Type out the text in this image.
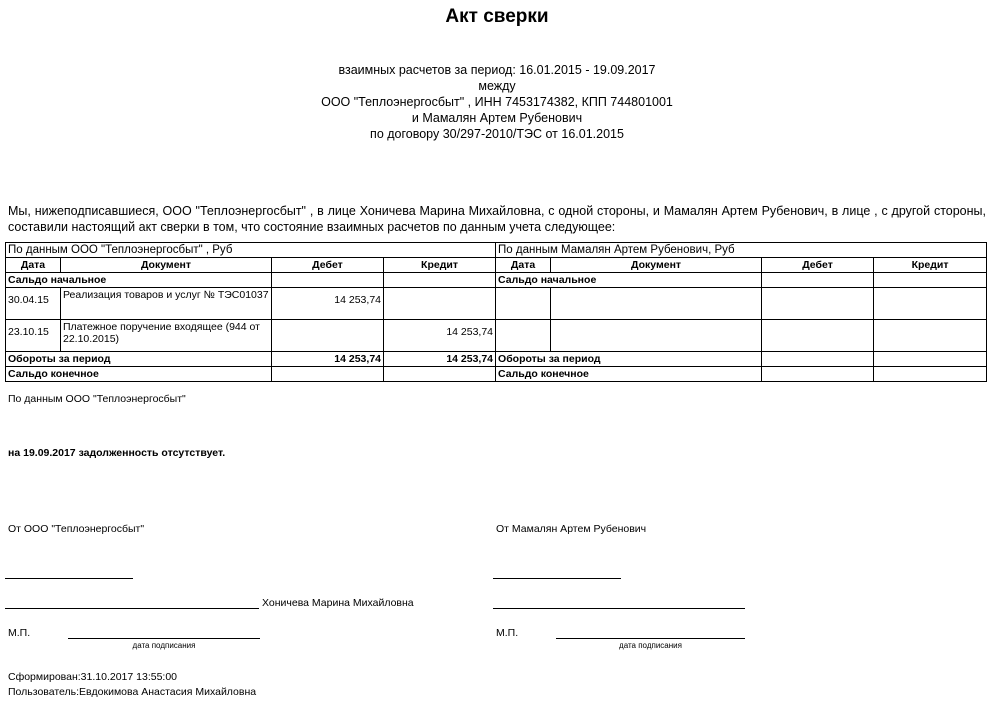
Акт сверки
взаимных расчетов за период: 16.01.2015 - 19.09.2017
между
ООО "Теплоэнергосбыт" , ИНН 7453174382, КПП 744801001
и Мамалян Артем Рубенович
по договору 30/297-2010/ТЭС от 16.01.2015
Мы, нижеподписавшиеся, ООО "Теплоэнергосбыт" , в лице Хоничева Марина Михайловна, с одной стороны, и Мамалян Артем Рубенович, в лице , с другой стороны, составили настоящий акт сверки в том, что состояние взаимных расчетов по данным учета следующее:
По данным ООО "Теплоэнергосбыт" , Руб				По данным Мамалян Артем Рубенович, Руб			
Дата	Документ	Дебет	Кредит	Дата	Документ	Дебет	Кредит
Сальдо начальное				Сальдо начальное			
30.04.15	Реализация товаров и услуг № ТЭС01037	14 253,74					
23.10.15	Платежное поручение входящее (944 от 22.10.2015)		14 253,74				
Обороты за период		14 253,74	14 253,74	Обороты за период			
Сальдо конечное				Сальдо конечное			
По данным ООО "Теплоэнергосбыт"
на 19.09.2017 задолженность отсутствует.
От ООО "Теплоэнергосбыт"
Хоничева Марина Михайловна
М.П.
дата подписания
От Мамалян Артем Рубенович
М.П.
дата подписания
Сформирован:31.10.2017 13:55:00
Пользователь:Евдокимова Анастасия Михайловна
